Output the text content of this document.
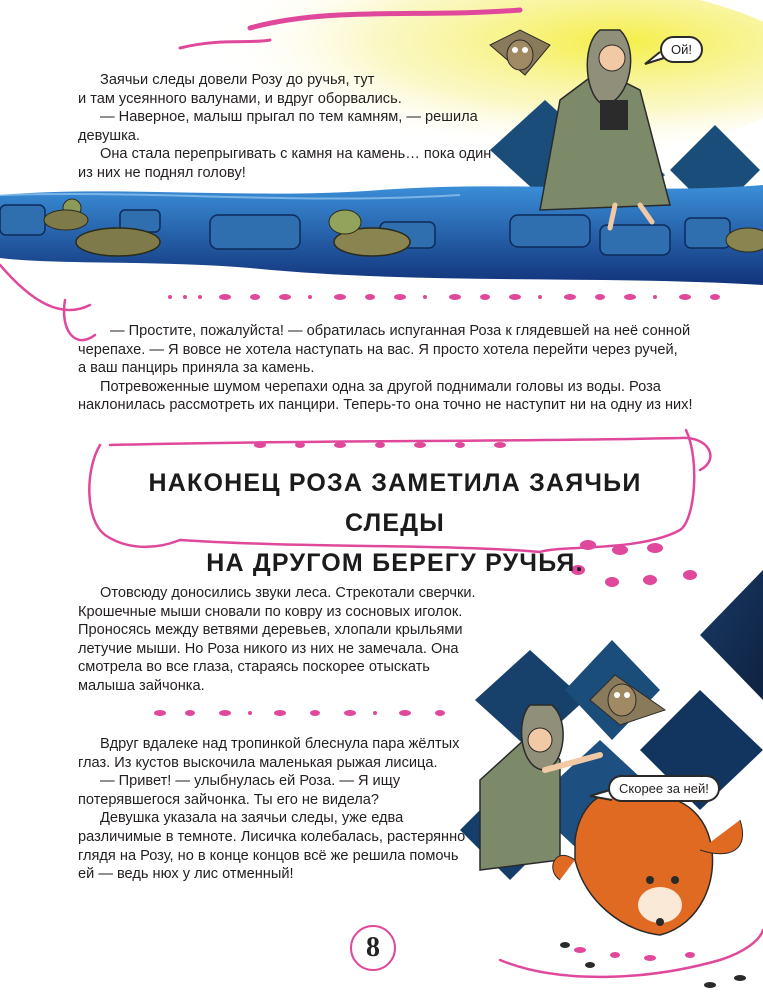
Ой!
Скорее за ней!
Заячьи следы довели Розу до ручья, тут
и там усеянного валунами, и вдруг оборвались.
— Наверное, малыш прыгал по тем камням, — решила
девушка.
Она стала перепрыгивать с камня на камень… пока один
из них не поднял голову!
— Простите, пожалуйста! — обратилась испуганная Роза к глядевшей на неё сонной
черепахе. — Я вовсе не хотела наступать на вас. Я просто хотела перейти через ручей,
а ваш панцирь приняла за камень.
Потревоженные шумом черепахи одна за другой поднимали головы из воды. Роза
наклонилась рассмотреть их панцири. Теперь-то она точно не наступит ни на одну из них!
НАКОНЕЦ РОЗА ЗАМЕТИЛА ЗАЯЧЬИ СЛЕДЫ
НА ДРУГОМ БЕРЕГУ РУЧЬЯ.
Отовсюду доносились звуки леса. Стрекотали сверчки.
Крошечные мыши сновали по ковру из сосновых иголок.
Проносясь между ветвями деревьев, хлопали крыльями
летучие мыши. Но Роза никого из них не замечала. Она
смотрела во все глаза, стараясь поскорее отыскать
малыша зайчонка.
Вдруг вдалеке над тропинкой блеснула пара жёлтых
глаз. Из кустов выскочила маленькая рыжая лисица.
— Привет! — улыбнулась ей Роза. — Я ищу
потерявшегося зайчонка. Ты его не видела?
Девушка указала на заячьи следы, уже едва
различимые в темноте. Лисичка колебалась, растерянно
глядя на Розу, но в конце концов всё же решила помочь
ей — ведь нюх у лис отменный!
8
